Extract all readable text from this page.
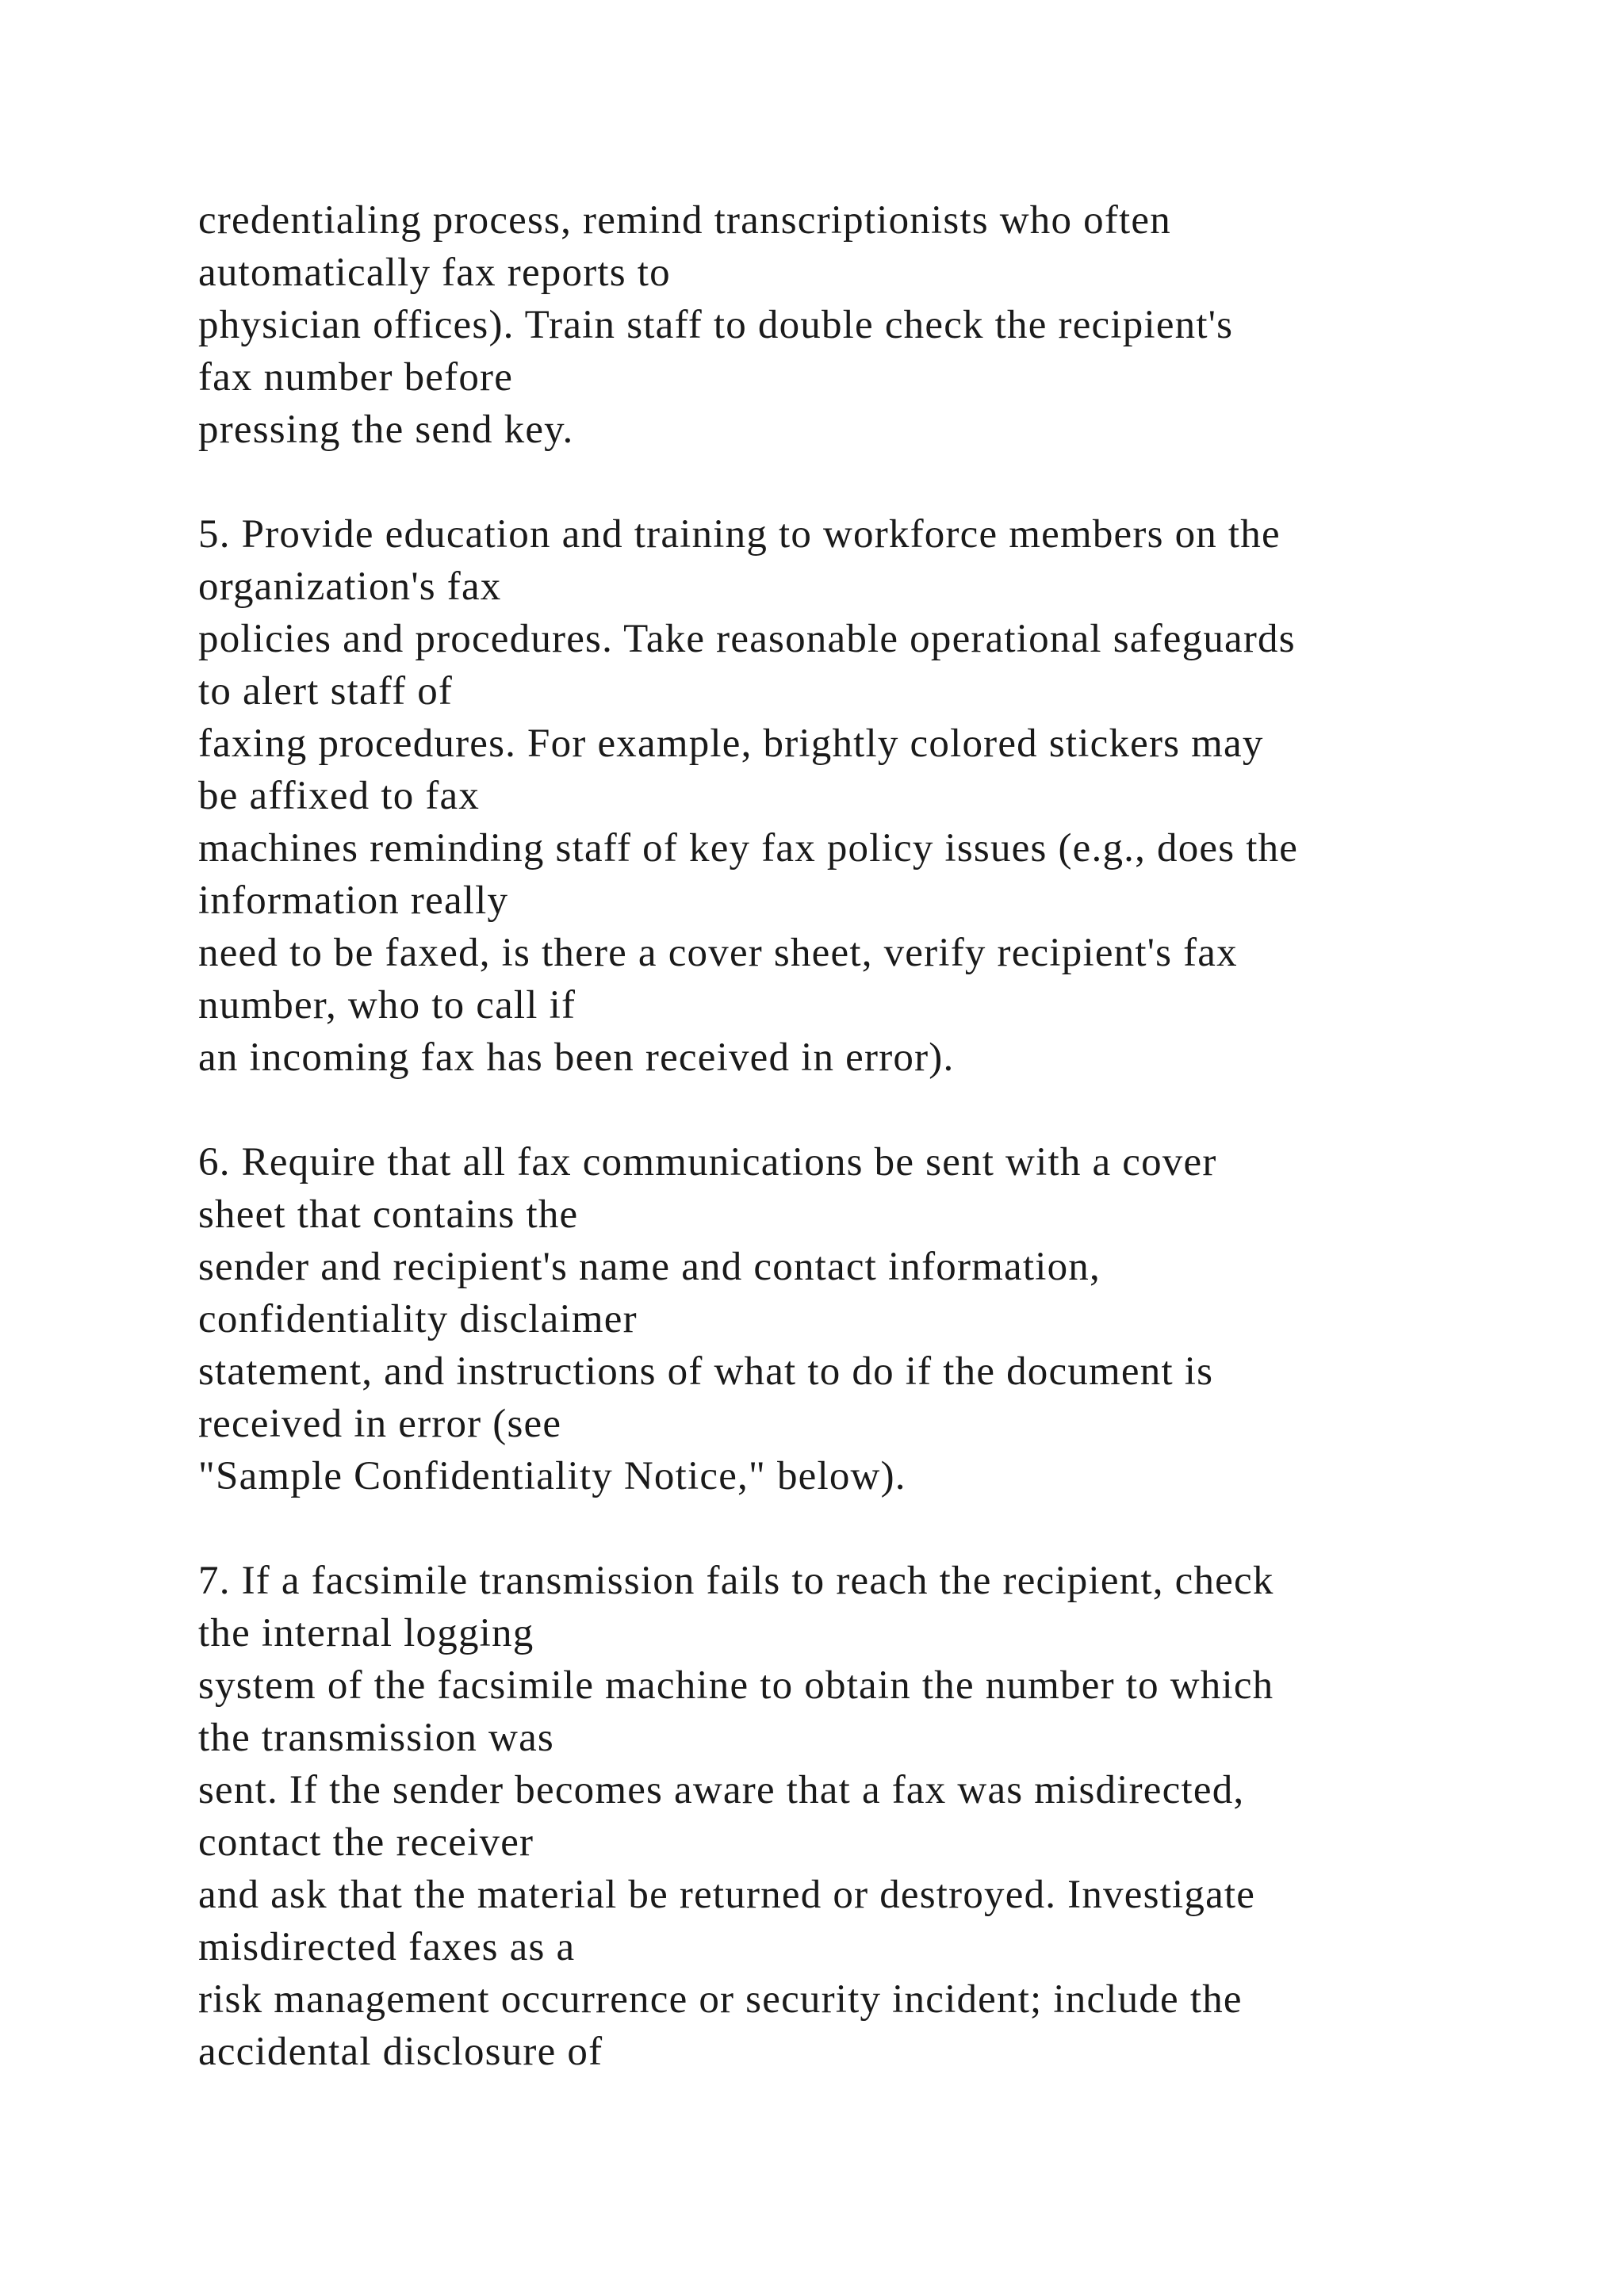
credentialing process, remind transcriptionists who often
automatically fax reports to
physician offices). Train staff to double check the recipient's
fax number before
pressing the send key.
5. Provide education and training to workforce members on the
organization's fax
policies and procedures. Take reasonable operational safeguards
to alert staff of
faxing procedures. For example, brightly colored stickers may
be affixed to fax
machines reminding staff of key fax policy issues (e.g., does the
information really
need to be faxed, is there a cover sheet, verify recipient's fax
number, who to call if
an incoming fax has been received in error).
6. Require that all fax communications be sent with a cover
sheet that contains the
sender and recipient's name and contact information,
confidentiality disclaimer
statement, and instructions of what to do if the document is
received in error (see
"Sample Confidentiality Notice," below).
7. If a facsimile transmission fails to reach the recipient, check
the internal logging
system of the facsimile machine to obtain the number to which
the transmission was
sent. If the sender becomes aware that a fax was misdirected,
contact the receiver
and ask that the material be returned or destroyed. Investigate
misdirected faxes as a
risk management occurrence or security incident; include the
accidental disclosure of
